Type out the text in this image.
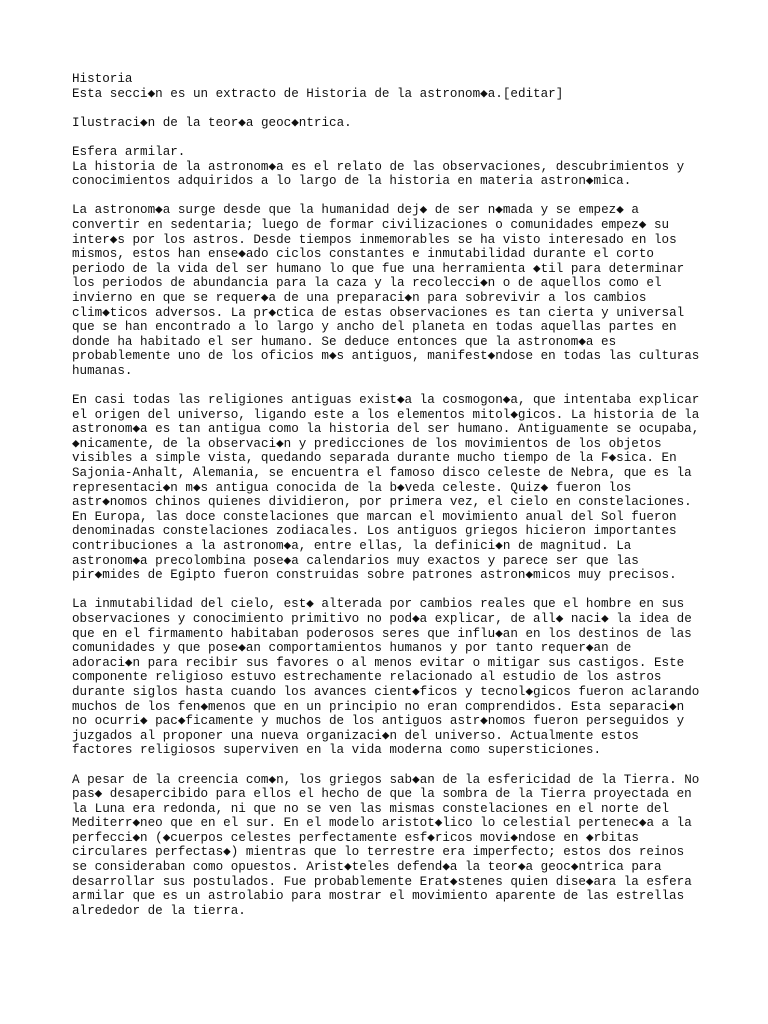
Historia
Esta secci◆n es un extracto de Historia de la astronom◆a.[editar]
Ilustraci◆n de la teor◆a geoc◆ntrica.
Esfera armilar.
La historia de la astronom◆a es el relato de las observaciones, descubrimientos y
conocimientos adquiridos a lo largo de la historia en materia astron◆mica.
La astronom◆a surge desde que la humanidad dej◆ de ser n◆mada y se empez◆ a
convertir en sedentaria; luego de formar civilizaciones o comunidades empez◆ su
inter◆s por los astros. Desde tiempos inmemorables se ha visto interesado en los
mismos, estos han ense◆ado ciclos constantes e inmutabilidad durante el corto
periodo de la vida del ser humano lo que fue una herramienta ◆til para determinar
los periodos de abundancia para la caza y la recolecci◆n o de aquellos como el
invierno en que se requer◆a de una preparaci◆n para sobrevivir a los cambios
clim◆ticos adversos. La pr◆ctica de estas observaciones es tan cierta y universal
que se han encontrado a lo largo y ancho del planeta en todas aquellas partes en
donde ha habitado el ser humano. Se deduce entonces que la astronom◆a es
probablemente uno de los oficios m◆s antiguos, manifest◆ndose en todas las culturas
humanas.
En casi todas las religiones antiguas exist◆a la cosmogon◆a, que intentaba explicar
el origen del universo, ligando este a los elementos mitol◆gicos. La historia de la
astronom◆a es tan antigua como la historia del ser humano. Antiguamente se ocupaba,
◆nicamente, de la observaci◆n y predicciones de los movimientos de los objetos
visibles a simple vista, quedando separada durante mucho tiempo de la F◆sica. En
Sajonia-Anhalt, Alemania, se encuentra el famoso disco celeste de Nebra, que es la
representaci◆n m◆s antigua conocida de la b◆veda celeste. Quiz◆ fueron los
astr◆nomos chinos quienes dividieron, por primera vez, el cielo en constelaciones.
En Europa, las doce constelaciones que marcan el movimiento anual del Sol fueron
denominadas constelaciones zodiacales. Los antiguos griegos hicieron importantes
contribuciones a la astronom◆a, entre ellas, la definici◆n de magnitud. La
astronom◆a precolombina pose◆a calendarios muy exactos y parece ser que las
pir◆mides de Egipto fueron construidas sobre patrones astron◆micos muy precisos.
La inmutabilidad del cielo, est◆ alterada por cambios reales que el hombre en sus
observaciones y conocimiento primitivo no pod◆a explicar, de all◆ naci◆ la idea de
que en el firmamento habitaban poderosos seres que influ◆an en los destinos de las
comunidades y que pose◆an comportamientos humanos y por tanto requer◆an de
adoraci◆n para recibir sus favores o al menos evitar o mitigar sus castigos. Este
componente religioso estuvo estrechamente relacionado al estudio de los astros
durante siglos hasta cuando los avances cient◆ficos y tecnol◆gicos fueron aclarando
muchos de los fen◆menos que en un principio no eran comprendidos. Esta separaci◆n
no ocurri◆ pac◆ficamente y muchos de los antiguos astr◆nomos fueron perseguidos y
juzgados al proponer una nueva organizaci◆n del universo. Actualmente estos
factores religiosos superviven en la vida moderna como supersticiones.
A pesar de la creencia com◆n, los griegos sab◆an de la esfericidad de la Tierra. No
pas◆ desapercibido para ellos el hecho de que la sombra de la Tierra proyectada en
la Luna era redonda, ni que no se ven las mismas constelaciones en el norte del
Mediterr◆neo que en el sur. En el modelo aristot◆lico lo celestial pertenec◆a a la
perfecci◆n (◆cuerpos celestes perfectamente esf◆ricos movi◆ndose en ◆rbitas
circulares perfectas◆) mientras que lo terrestre era imperfecto; estos dos reinos
se consideraban como opuestos. Arist◆teles defend◆a la teor◆a geoc◆ntrica para
desarrollar sus postulados. Fue probablemente Erat◆stenes quien dise◆ara la esfera
armilar que es un astrolabio para mostrar el movimiento aparente de las estrellas
alrededor de la tierra.
